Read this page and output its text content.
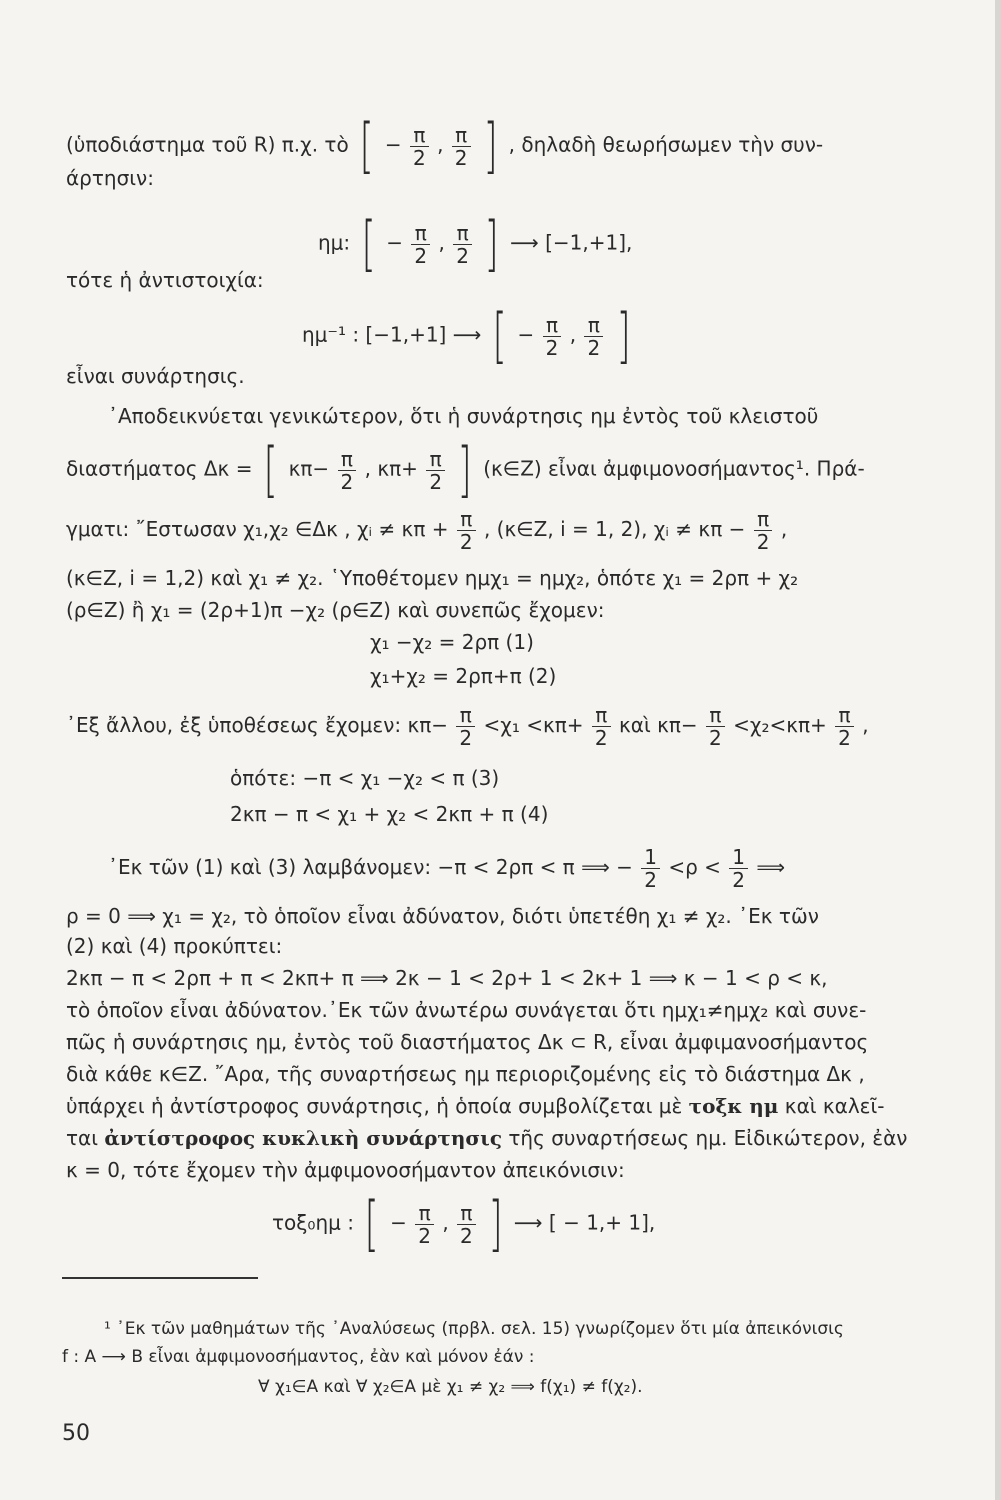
(ὑποδιάστημα τοῦ R) π.χ. τὸ [ − $\frac{\pi}{2}$ , $\frac{\pi}{2}$ ] , δηλαδὴ θεωρήσωμεν τὴν συν-
άρτησιν:
ημ: [ − $\frac{\pi}{2}$ , $\frac{\pi}{2}$ ] ⟶ [−1,+1],
τότε ἡ ἀντιστοιχία:
ημ⁻¹ : [−1,+1] ⟶ [ − $\frac{\pi}{2}$ , $\frac{\pi}{2}$ ]
εἶναι συνάρτησις.
᾿Αποδεικνύεται γενικώτερον, ὅτι ἡ συνάρτησις ημ ἐντὸς τοῦ κλειστοῦ
διαστήματος Δκ = [ $\kappa\pi- \frac{\pi}{2}$ , $\kappa\pi+ \frac{\pi}{2}$ ] (κ∈Z) εἶναι ἀμφιμονοσήμαντος¹. Πρά-
γματι: ῎Εστωσαν χ₁,χ₂ ∈Δκ , χᵢ ≠ $\kappa\pi + \frac{\pi}{2}$ , (κ∈Z, i = 1, 2), χᵢ ≠ $\kappa\pi - \frac{\pi}{2}$ ,
(κ∈Z, i = 1,2) καὶ χ₁ ≠ χ₂. ῾Υποθέτομεν ημχ₁ = ημχ₂, ὁπότε χ₁ = 2ρπ + χ₂
(ρ∈Z) ἢ χ₁ = (2ρ+1)π −χ₂ (ρ∈Z) καὶ συνεπῶς ἔχομεν:
χ₁ −χ₂ = 2ρπ (1)
χ₁+χ₂ = 2ρπ+π (2)
᾿Εξ ἄλλου, ἐξ ὑποθέσεως ἔχομεν: $\kappa\pi- \frac{\pi}{2} <\chi_1 <\kappa\pi+ \frac{\pi}{2}$ καὶ $\kappa\pi- \frac{\pi}{2} <\chi_2<\kappa\pi+ \frac{\pi}{2}$ ,
ὁπότε: −π < χ₁ −χ₂ < π (3)
2κπ − π < χ₁ + χ₂ < 2κπ + π (4)
᾿Εκ τῶν (1) καὶ (3) λαμβάνομεν: −π < 2ρπ < π ⟹ − $\frac{1}{2} <\rho < \frac{1}{2}$ ⟹
ρ = 0 ⟹ χ₁ = χ₂, τὸ ὁποῖον εἶναι ἀδύνατον, διότι ὑπετέθη χ₁ ≠ χ₂. ᾿Εκ τῶν
(2) καὶ (4) προκύπτει:
2κπ − π < 2ρπ + π < 2κπ+ π ⟹ 2κ − 1 < 2ρ+ 1 < 2κ+ 1 ⟹ κ − 1 < ρ < κ,
τὸ ὁποῖον εἶναι ἀδύνατον.᾿Εκ τῶν ἀνωτέρω συνάγεται ὅτι ημχ₁≠ημχ₂ καὶ συνε-
πῶς ἡ συνάρτησις ημ, ἐντὸς τοῦ διαστήματος Δκ ⊂ R, εἶναι ἀμφιμανοσήμαντος
διὰ κάθε κ∈Z. ῎Αρα, τῆς συναρτήσεως ημ περιοριζομένης εἰς τὸ διάστημα Δκ ,
ὑπάρχει ἡ ἀντίστροφος συνάρτησις, ἡ ὁποία συμβολίζεται μὲ τοξκ ημ καὶ καλεῖ-
ται ἀντίστροφος κυκλικὴ συνάρτησις τῆς συναρτήσεως ημ. Εἰδικώτερον, ἐὰν
κ = 0, τότε ἔχομεν τὴν ἀμφιμονοσήμαντον ἀπεικόνισιν:
τοξ₀ημ : [ − $\frac{\pi}{2}$ , $\frac{\pi}{2}$ ] ⟶ [ − 1,+ 1],
¹ ᾿Εκ τῶν μαθημάτων τῆς ᾿Αναλύσεως (πρβλ. σελ. 15) γνωρίζομεν ὅτι μία ἀπεικόνισις
f : A ⟶ B εἶναι ἀμφιμονοσήμαντος, ἐὰν καὶ μόνον ἐάν :
∀ χ₁∈A καὶ ∀ χ₂∈A μὲ χ₁ ≠ χ₂ ⟹ f(χ₁) ≠ f(χ₂).
50
